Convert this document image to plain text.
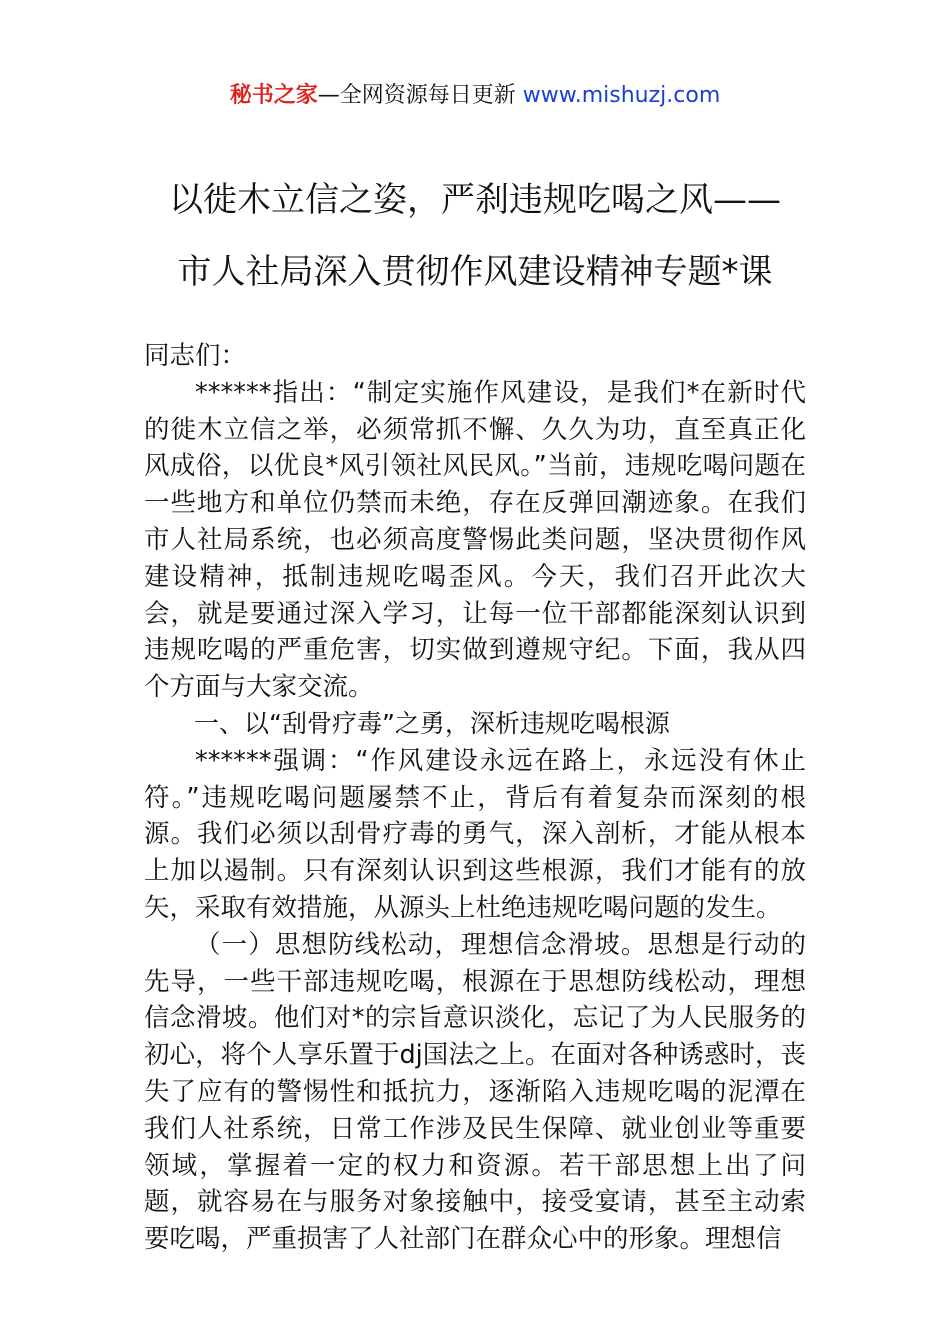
秘书之家—全网资源每日更新 www.mishuzj.com
以徙木立信之姿，严刹违规吃喝之风——
市人社局深入贯彻作风建设精神专题*课

同志们：

******指出：“制定实施作风建设，是我们*在新时代的徙木立信之举，必须常抓不懈、久久为功，直至真正化风成俗，以优良*风引领社风民风。”当前，违规吃喝问题在一些地方和单位仍禁而未绝，存在反弹回潮迹象。在我们市人社局系统，也必须高度警惕此类问题，坚决贯彻作风建设精神，抵制违规吃喝歪风。今天，我们召开此次大会，就是要通过深入学习，让每一位干部都能深刻认识到违规吃喝的严重危害，切实做到遵规守纪。下面，我从四个方面与大家交流。

一、以“刮骨疗毒”之勇，深析违规吃喝根源

******强调：“作风建设永远在路上，永远没有休止符。”违规吃喝问题屡禁不止，背后有着复杂而深刻的根源。我们必须以刮骨疗毒的勇气，深入剖析，才能从根本上加以遏制。只有深刻认识到这些根源，我们才能有的放矢，采取有效措施，从源头上杜绝违规吃喝问题的发生。

（一）思想防线松动，理想信念滑坡。思想是行动的先导，一些干部违规吃喝，根源在于思想防线松动，理想信念滑坡。他们对*的宗旨意识淡化，忘记了为人民服务的初心，将个人享乐置于dj国法之上。在面对各种诱惑时，丧失了应有的警惕性和抵抗力，逐渐陷入违规吃喝的泥潭在我们人社系统，日常工作涉及民生保障、就业创业等重要领域，掌握着一定的权力和资源。若干部思想上出了问题，就容易在与服务对象接触中，接受宴请，甚至主动索要吃喝，严重损害了人社部门在群众心中的形象。理想信
